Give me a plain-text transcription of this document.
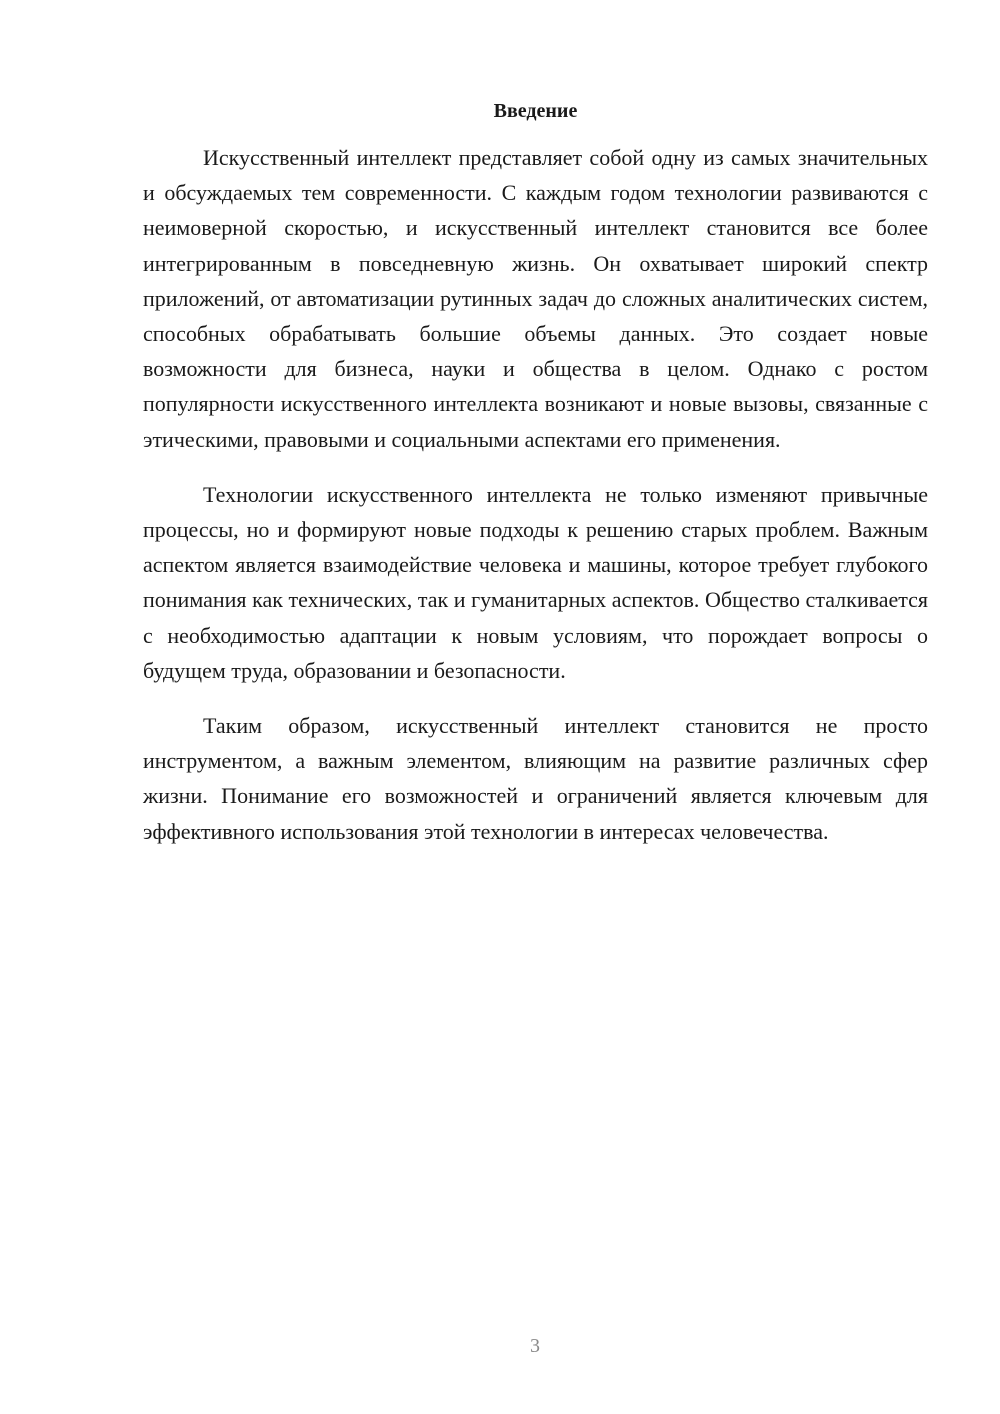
Введение

Искусственный интеллект представляет собой одну из самых значительных и обсуждаемых тем современности. С каждым годом технологии развиваются с неимоверной скоростью, и искусственный интеллект становится все более интегрированным в повседневную жизнь. Он охватывает широкий спектр приложений, от автоматизации рутинных задач до сложных аналитических систем, способных обрабатывать большие объемы данных. Это создает новые возможности для бизнеса, науки и общества в целом. Однако с ростом популярности искусственного интеллекта возникают и новые вызовы, связанные с этическими, правовыми и социальными аспектами его применения.

Технологии искусственного интеллекта не только изменяют привычные процессы, но и формируют новые подходы к решению старых проблем. Важным аспектом является взаимодействие человека и машины, которое требует глубокого понимания как технических, так и гуманитарных аспектов. Общество сталкивается с необходимостью адаптации к новым условиям, что порождает вопросы о будущем труда, образовании и безопасности.

Таким образом, искусственный интеллект становится не просто инструментом, а важным элементом, влияющим на развитие различных сфер жизни. Понимание его возможностей и ограничений является ключевым для эффективного использования этой технологии в интересах человечества.

3
